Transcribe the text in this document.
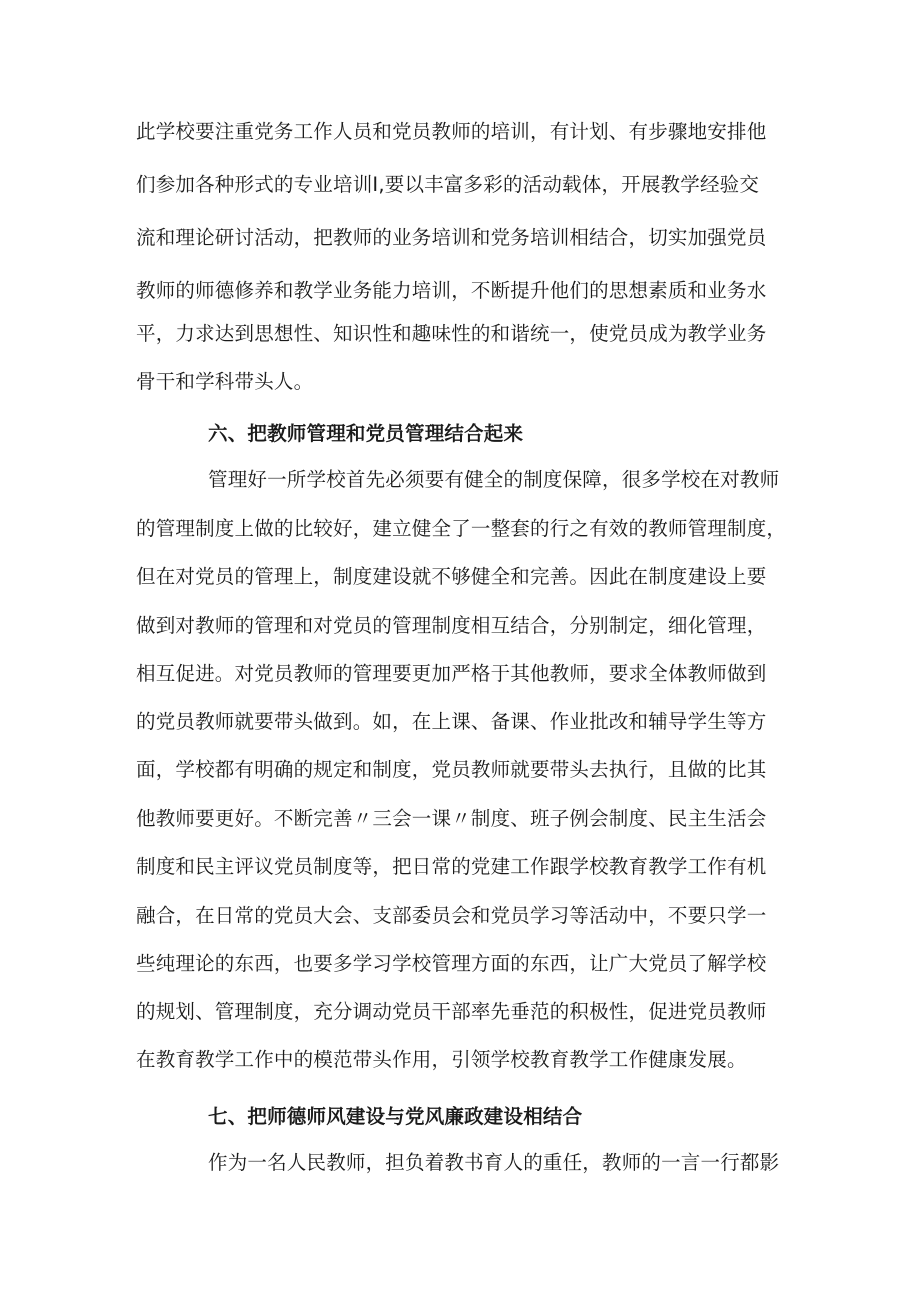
此学校要注重党务工作人员和党员教师的培训，有计划、有步骤地安排他
们参加各种形式的专业培训Ⅰ,要以丰富多彩的活动载体，开展教学经验交
流和理论研讨活动，把教师的业务培训和党务培训相结合，切实加强党员
教师的师德修养和教学业务能力培训，不断提升他们的思想素质和业务水
平，力求达到思想性、知识性和趣味性的和谐统一，使党员成为教学业务
骨干和学科带头人。
六、把教师管理和党员管理结合起来
管理好一所学校首先必须要有健全的制度保障，很多学校在对教师
的管理制度上做的比较好，建立健全了一整套的行之有效的教师管理制度，
但在对党员的管理上，制度建设就不够健全和完善。因此在制度建设上要
做到对教师的管理和对党员的管理制度相互结合，分别制定，细化管理，
相互促进。对党员教师的管理要更加严格于其他教师，要求全体教师做到
的党员教师就要带头做到。如，在上课、备课、作业批改和辅导学生等方
面，学校都有明确的规定和制度，党员教师就要带头去执行，且做的比其
他教师要更好。不断完善〃三会一课〃制度、班子例会制度、民主生活会
制度和民主评议党员制度等，把日常的党建工作跟学校教育教学工作有机
融合，在日常的党员大会、支部委员会和党员学习等活动中，不要只学一
些纯理论的东西，也要多学习学校管理方面的东西，让广大党员了解学校
的规划、管理制度，充分调动党员干部率先垂范的积极性，促进党员教师
在教育教学工作中的模范带头作用，引领学校教育教学工作健康发展。
七、把师德师风建设与党风廉政建设相结合
作为一名人民教师，担负着教书育人的重任，教师的一言一行都影
